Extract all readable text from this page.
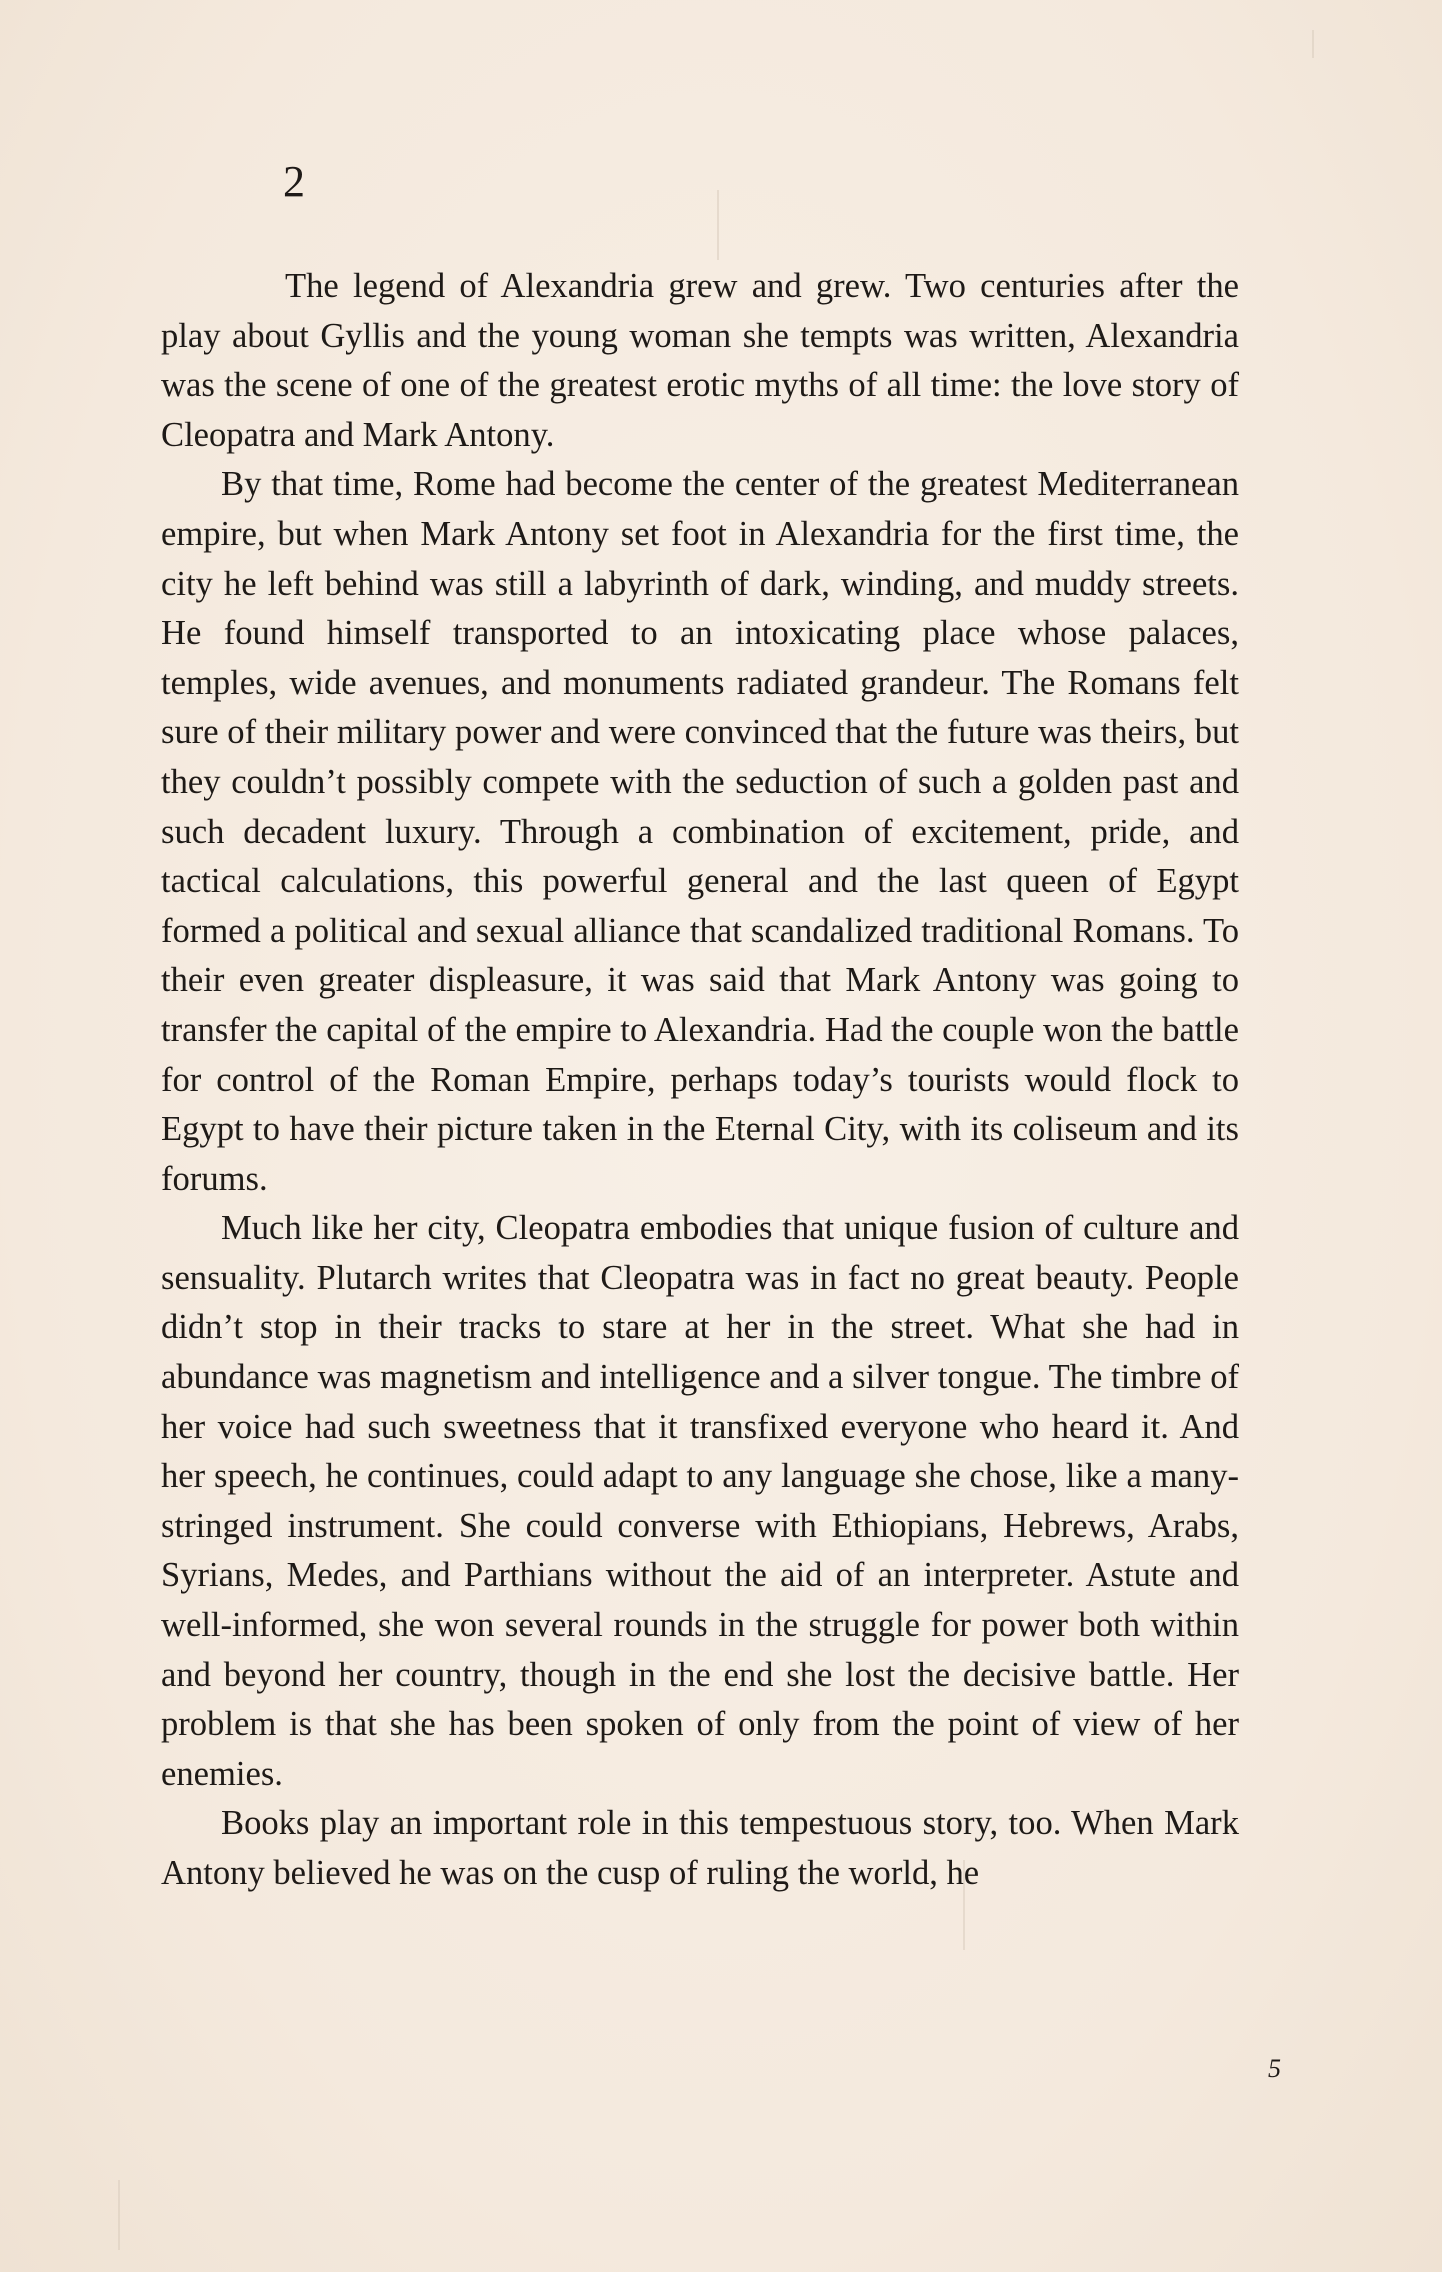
2

The legend of Alexandria grew and grew. Two centuries after the play about Gyllis and the young woman she tempts was written, Alexandria was the scene of one of the greatest erotic myths of all time: the love story of Cleopatra and Mark Antony.

By that time, Rome had become the center of the greatest Mediterranean empire, but when Mark Antony set foot in Alexandria for the first time, the city he left behind was still a labyrinth of dark, winding, and muddy streets. He found himself transported to an intoxicating place whose palaces, temples, wide avenues, and monuments radiated grandeur. The Romans felt sure of their military power and were convinced that the future was theirs, but they couldn’t possibly compete with the seduction of such a golden past and such decadent luxury. Through a combination of excitement, pride, and tactical calculations, this powerful general and the last queen of Egypt formed a political and sexual alliance that scandalized traditional Romans. To their even greater displeasure, it was said that Mark Antony was going to transfer the capital of the empire to Alexandria. Had the couple won the battle for control of the Roman Empire, perhaps today’s tourists would flock to Egypt to have their picture taken in the Eternal City, with its coliseum and its forums.

Much like her city, Cleopatra embodies that unique fusion of culture and sensuality. Plutarch writes that Cleopatra was in fact no great beauty. People didn’t stop in their tracks to stare at her in the street. What she had in abundance was magnetism and intelligence and a silver tongue. The timbre of her voice had such sweetness that it transfixed everyone who heard it. And her speech, he continues, could adapt to any language she chose, like a many-stringed instrument. She could converse with Ethiopians, Hebrews, Arabs, Syrians, Medes, and Parthians without the aid of an interpreter. Astute and well-informed, she won several rounds in the struggle for power both within and beyond her country, though in the end she lost the decisive battle. Her problem is that she has been spoken of only from the point of view of her enemies.

Books play an important role in this tempestuous story, too. When Mark Antony believed he was on the cusp of ruling the world, he

5
